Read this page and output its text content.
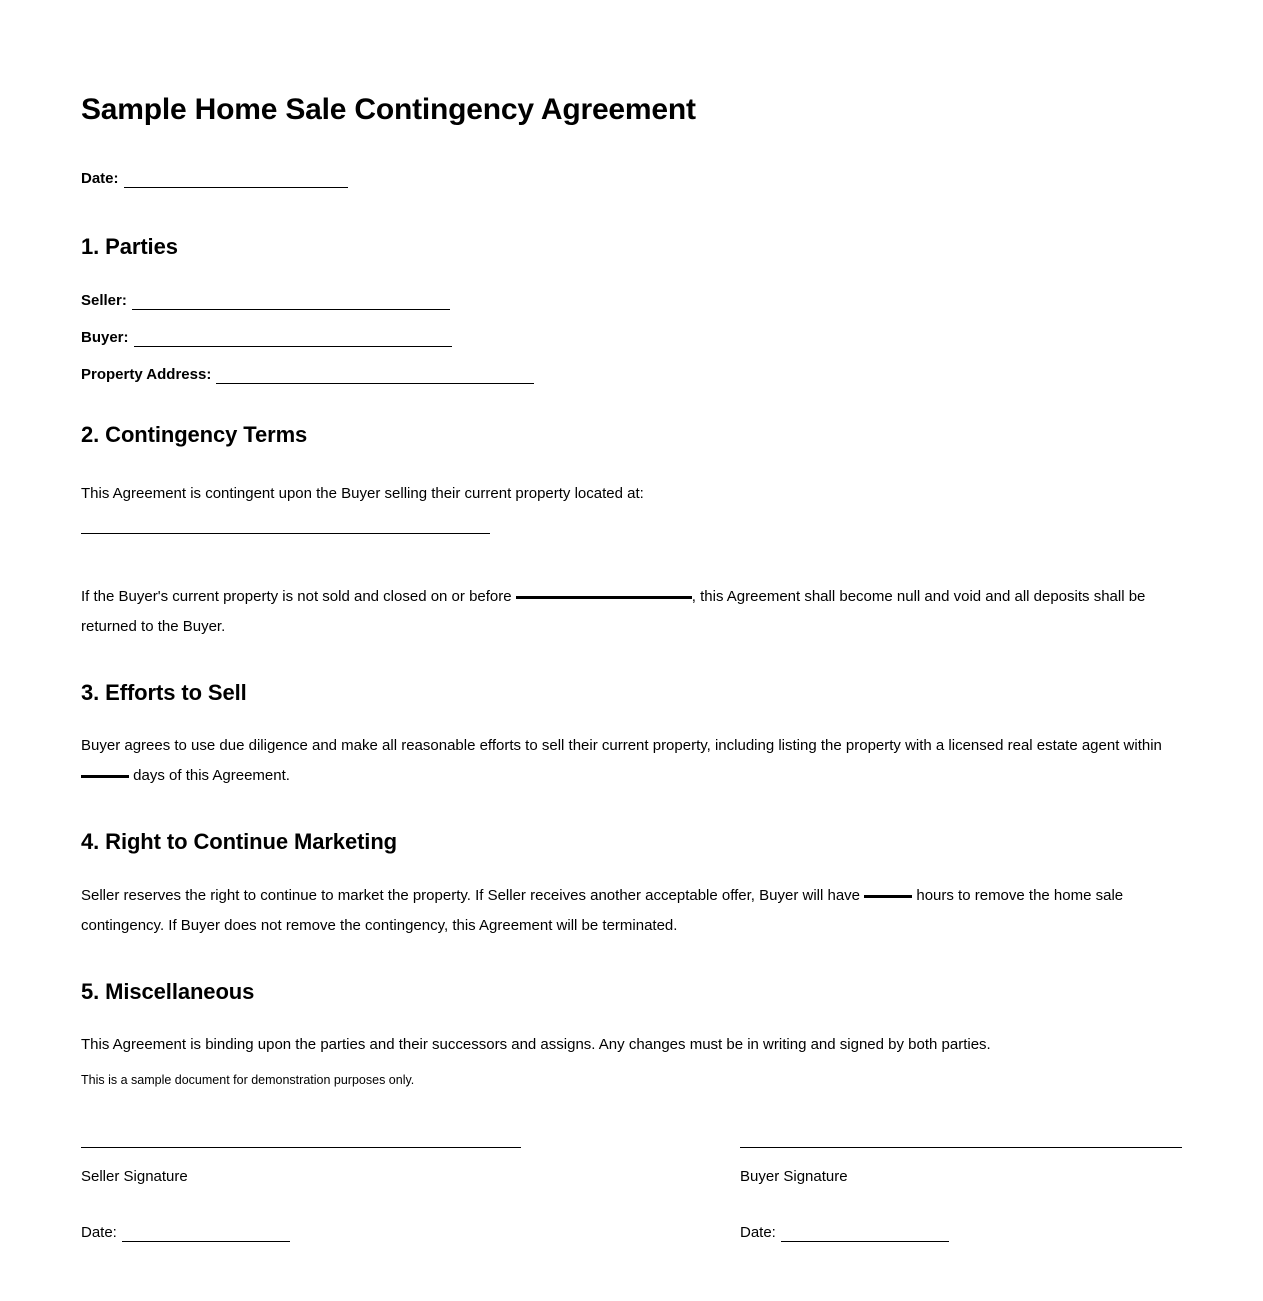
Sample Home Sale Contingency Agreement
Date:
1. Parties
Seller:
Buyer:
Property Address:
2. Contingency Terms

This Agreement is contingent upon the Buyer selling their current property located at:

If the Buyer's current property is not sold and closed on or before	, this Agreement shall become null and void and all deposits shall be returned to the Buyer.

3. Efforts to Sell

Buyer agrees to use due diligence and make all reasonable efforts to sell their current property, including listing the property with a licensed real estate agent within  days of this Agreement.

4. Right to Continue Marketing

Seller reserves the right to continue to market the property. If Seller receives another acceptable offer, Buyer will have	hours to remove the home sale contingency. If Buyer does not remove the contingency, this Agreement will be terminated.

5. Miscellaneous

This Agreement is binding upon the parties and their successors and assigns. Any changes must be in writing and signed by both parties.

This is a sample document for demonstration purposes only.

Seller Signature
Date:
Buyer Signature
Date:
